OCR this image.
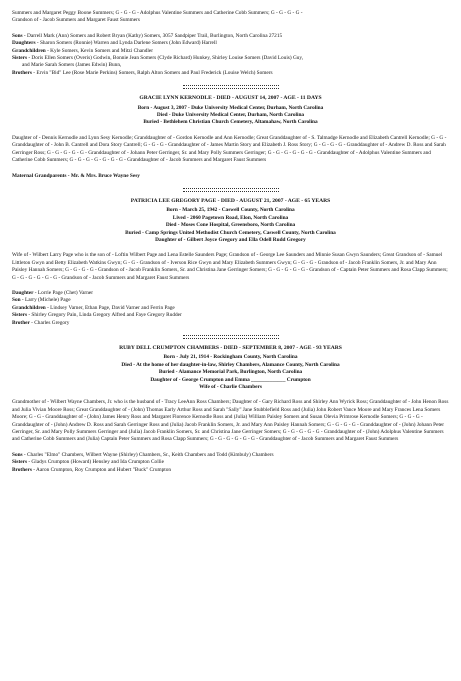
Summers and Margaret Peggy Boone Summers; G - G - G - Adolphus Valentine Summers and Catherine Cobb Summers; G - G - G - G -

Grandson of - Jacob Summers and Margaret Faust Summers

Sons - Darrell Mark (Ann) Somers and Robert Bryan (Kathy) Somers, 3057 Sandpiper Trail, Burlington, North Carolina 27215

Daughters - Sharon Somers (Ronnie) Warren and Lynda Darlene Somers (John Edward) Harrell

Grandchildren - Kyle Somers, Kevin Somers and Mitzi Chandler

Sisters - Doris Ellen Somers (Overis) Godwin, Bonnie Jean Somers (Clyde Richard) Hunkey, Shirley Louise Somers (David Louis) Guy,

and Marie Sarah Somers (James Edwin) Bunn,

Brothers - Ervin "Bid" Lee (Rose Marie Perkins) Somers, Ralph Alton Somers and Paul Frederick (Louise Welch) Somers

GRACIE LYNN KERNODLE - DIED - AUGUST 14, 2007 - AGE - 11 DAYS

Born - August 3, 2007 - Duke University Medical Center, Durham, North Carolina

Died - Duke University Medical Center, Durham, North Carolina

Buried - Bethlehem Christian Church Cemetery, Altamahaw, North Carolina

Daughter of - Dennis Kernodle and Lynn Sesy Kernodle; Granddaughter of - Gordon Kernodle and Ann Kernodle; Great Granddaughter of - S. Talmadge Kernodle and Elizabeth Cantrell Kernodle; G - G - Granddaughter of - John B. Cantrell and Dora Story Cantrell; G - G - G - Granddaughter of - James Martin Story and Elizabeth J. Ross Story; G - G - G - G - Granddaughter of - Andrew D. Ross and Sarah Gerringer Ross; G - G - G - G - G - Granddaughter of - Johann Peter Gerringer, Sr. and Mary Polly Summers Gerringer; G - G - G - G - G - G - Granddaughter of - Adolphus Valentine Summers and Catherine Cobb Summers; G - G - G - G - G - G - G - Granddaughter of - Jacob Summers and Margaret Faust Summers

Maternal Grandparents - Mr. & Mrs. Bruce Wayne Sesy

PATRICIA LEE GREGORY PAGE - DIED - AUGUST 21, 2007 - AGE - 65 YEARS

Born - March 25, 1942 - Caswell County, North Carolina

Lived - 2060 Pagetown Road, Elon, North Carolina

Died - Moses Cone Hospital, Greensboro, North Carolina

Buried - Camp Springs United Methodist Church Cemetery, Caswell County, North Carolina

Daughter of - Gilbert Joyce Gregory and Ella Odell Rudd Gregory

Wife of - Wilbert Larry Page who is the son of - Loftin Wilbert Page and Lena Estelle Saunders Page; Grandson of - George Lee Saunders and Minnie Susan Gwyn Saunders; Great Grandson of - Samuel Littleton Gwyn and Betty Elizabeth Watkins Gwyn; G - G - Grandson of - Iverson Rice Gwyn and Mary Elizabeth Summers Gwyn; G - G - G - Grandson of - Jacob Franklin Somers, Jr. and Mary Ann Paisley Hannah Somers; G - G - G - G - Grandson of - Jacob Franklin Somers, Sr. and Christina Jane Gerringer Somers; G - G - G - G - G - Grandson of - Captain Peter Summers and Rosa Clapp Summers; G - G - G - G - G - G - Grandson of - Jacob Summers and Margaret Faust Summers

Daughter - Lorrie Page (Chet) Varner

Son - Larry (Michele) Page

Grandchildren - Lindsey Varner, Ethan Page, David Varner and Ferrin Page

Sisters - Shirley Gregory Pain, Linda Gregory Alfred and Faye Gregory Rudder

Brother - Charles Gregory

RUBY DELL CRUMPTON CHAMBERS - DIED - SEPTEMBER 8, 2007 - AGE - 93 YEARS

Born - July 21, 1914 - Rockingham County, North Carolina

Died - At the home of her daughter-in-law, Shirley Chambers, Alamance County, North Carolina

Buried - Alamance Memorial Park, Burlington, North Carolina

Daughter of - George Crumpton and Emma _____________ Crumpton

Wife of - Charlie Chambers

Grandmother of - Wilbert Wayne Chambers, Jr. who is the husband of - Tracy LeeAnn Ross Chambers; Daughter of - Gary Richard Ross and Shirley Ann Wyrick Ross; Granddaughter of - John Henon Ross and Julia Vivian Moore Ross; Great Granddaughter of - (John) Thomas Early Arthur Ross and Sarah "Sally" Jane Stubblefield Ross and (Julia) John Robert Vance Moore and Mary Frances Lena Somers Moore; G - G - Granddaughter of - (John) James Henry Ross and Margaret Florence Kernodle Ross and (Julia) William Paisley Somers and Susan Olevia Primrose Kernodle Somers; G - G - G - Granddaughter of - (John) Andrew D. Ross and Sarah Gerringer Ross and (Julia) Jacob Franklin Somers, Jr. and Mary Ann Paisley Hannah Somers; G - G - G - G - Granddaughter of - (John) Johann Peter Gerringer, Sr. and Mary Polly Summers Gerringer and (Julia) Jacob Franklin Somers, Sr. and Christina Jane Gerringer Somers; G - G - G - G - G - Granddaughter of - (John) Adolphus Valentine Summers and Catherine Cobb Summers and (Julia) Captain Peter Summers and Rosa Clapp Summers; G - G - G - G - G - G - Granddaughter of - Jacob Summers and Margaret Faust Summers

Sons - Charles "Elmo" Chambers, Wilbert Wayne (Shirley) Chambers, Sr., Keith Chambers and Todd (Kimbuly) Chambers

Sisters - Gladys Crumpton (Howard) Hensley and Ida Crumpton Collie

Brothers - Aaron Crumpton, Roy Crumpton and Hubert "Buck" Crumpton
